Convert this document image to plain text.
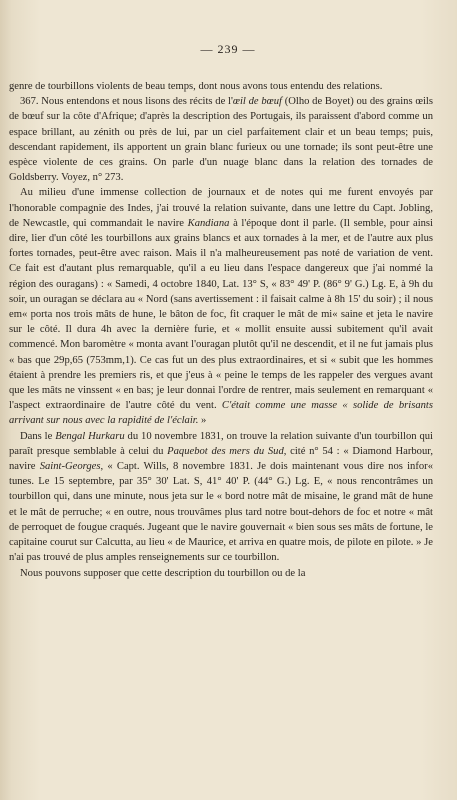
— 239 —

genre de tourbillons violents de beau temps, dont nous avons tous entendu des relations.

367. Nous entendons et nous lisons des récits de l'œil de bœuf (Olho de Boyet) ou des grains œils de bœuf sur la côte d'Afrique; d'après la description des Portugais, ils paraissent d'abord comme un espace brillant, au zénith ou près de lui, par un ciel parfaitement clair et un beau temps; puis, descendant rapidement, ils apportent un grain blanc furieux ou une tornade; ils sont peut-être une espèce violente de ces grains. On parle d'un nuage blanc dans la relation des tornades de Goldsberry. Voyez, n° 273.

Au milieu d'une immense collection de journaux et de notes qui me furent envoyés par l'honorable compagnie des Indes, j'ai trouvé la relation suivante, dans une lettre du Capt. Jobling, de Newcastle, qui commandait le navire Kandiana à l'époque dont il parle. (Il semble, pour ainsi dire, lier d'un côté les tourbillons aux grains blancs et aux tornades à la mer, et de l'autre aux plus fortes tornades, peut-être avec raison. Mais il n'a malheureusement pas noté de variation de vent. Ce fait est d'autant plus remarquable, qu'il a eu lieu dans l'espace dangereux que j'ai nommé la région des ouragans) : « Samedi, 4 octobre 1840, Lat. 13° S, « 83° 49' P. (86° 9' G.) Lg. E, à 9h du soir, un ouragan se déclara au « Nord (sans avertissement : il faisait calme à 8h 15' du soir) ; il nous em« porta nos trois mâts de hune, le bâton de foc, fit craquer le mât de mi« saine et jeta le navire sur le côté. Il dura 4h avec la dernière furie, et « mollit ensuite aussi subitement qu'il avait commencé. Mon baromètre « monta avant l'ouragan plutôt qu'il ne descendit, et il ne fut jamais plus « bas que 29p,65 (753mm,1). Ce cas fut un des plus extraordinaires, et si « subit que les hommes étaient à prendre les premiers ris, et que j'eus à « peine le temps de les rappeler des vergues avant que les mâts ne vinssent « en bas; je leur donnai l'ordre de rentrer, mais seulement en remarquant « l'aspect extraordinaire de l'autre côté du vent. C'était comme une masse « solide de brisants arrivant sur nous avec la rapidité de l'éclair. »

Dans le Bengal Hurkaru du 10 novembre 1831, on trouve la relation suivante d'un tourbillon qui paraît presque semblable à celui du Paquebot des mers du Sud, cité n° 54 : « Diamond Harbour, navire Saint-Georges, « Capt. Wills, 8 novembre 1831. Je dois maintenant vous dire nos infor« tunes. Le 15 septembre, par 35° 30' Lat. S, 41° 40' P. (44° G.) Lg. E, « nous rencontrâmes un tourbillon qui, dans une minute, nous jeta sur le « bord notre mât de misaine, le grand mât de hune et le mât de perruche; « en outre, nous trouvâmes plus tard notre bout-dehors de foc et notre « mât de perroquet de fougue craqués. Jugeant que le navire gouvernait « bien sous ses mâts de fortune, le capitaine courut sur Calcutta, au lieu « de Maurice, et arriva en quatre mois, de pilote en pilote. » Je n'ai pas trouvé de plus amples renseignements sur ce tourbillon.

Nous pouvons supposer que cette description du tourbillon ou de la
